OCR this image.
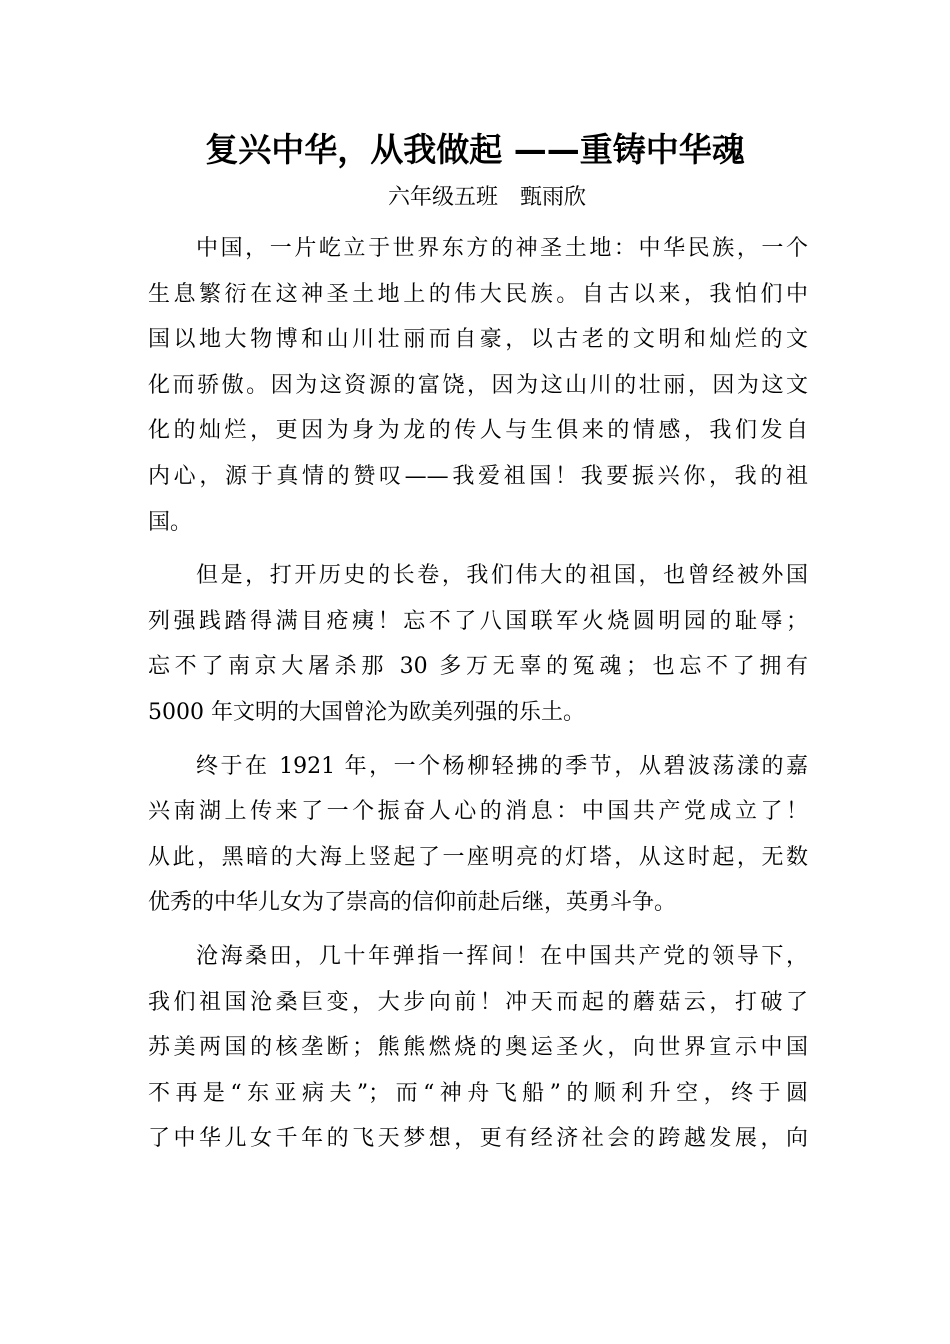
复兴中华，从我做起 ——重铸中华魂
六年级五班　甄雨欣
中国，一片屹立于世界东方的神圣土地：中华民族，一个
生息繁衍在这神圣土地上的伟大民族。自古以来，我怕们中
国以地大物博和山川壮丽而自豪，以古老的文明和灿烂的文
化而骄傲。因为这资源的富饶，因为这山川的壮丽，因为这文
化的灿烂，更因为身为龙的传人与生俱来的情感，我们发自
内心，源于真情的赞叹——我爱祖国！我要振兴你，我的祖
国。
但是，打开历史的长卷，我们伟大的祖国，也曾经被外国
列强践踏得满目疮痍！忘不了八国联军火烧圆明园的耻辱；
忘不了南京大屠杀那 30 多万无辜的冤魂；也忘不了拥有
5000 年文明的大国曾沦为欧美列强的乐土。
终于在 1921 年，一个杨柳轻拂的季节，从碧波荡漾的嘉
兴南湖上传来了一个振奋人心的消息：中国共产党成立了！
从此，黑暗的大海上竖起了一座明亮的灯塔，从这时起，无数
优秀的中华儿女为了崇高的信仰前赴后继，英勇斗争。
沧海桑田，几十年弹指一挥间！在中国共产党的领导下，
我们祖国沧桑巨变，大步向前！冲天而起的蘑菇云，打破了
苏美两国的核垄断；熊熊燃烧的奥运圣火，向世界宣示中国
不再是“东亚病夫”；而“神舟飞船”的顺利升空，终于圆
了中华儿女千年的飞天梦想，更有经济社会的跨越发展，向
